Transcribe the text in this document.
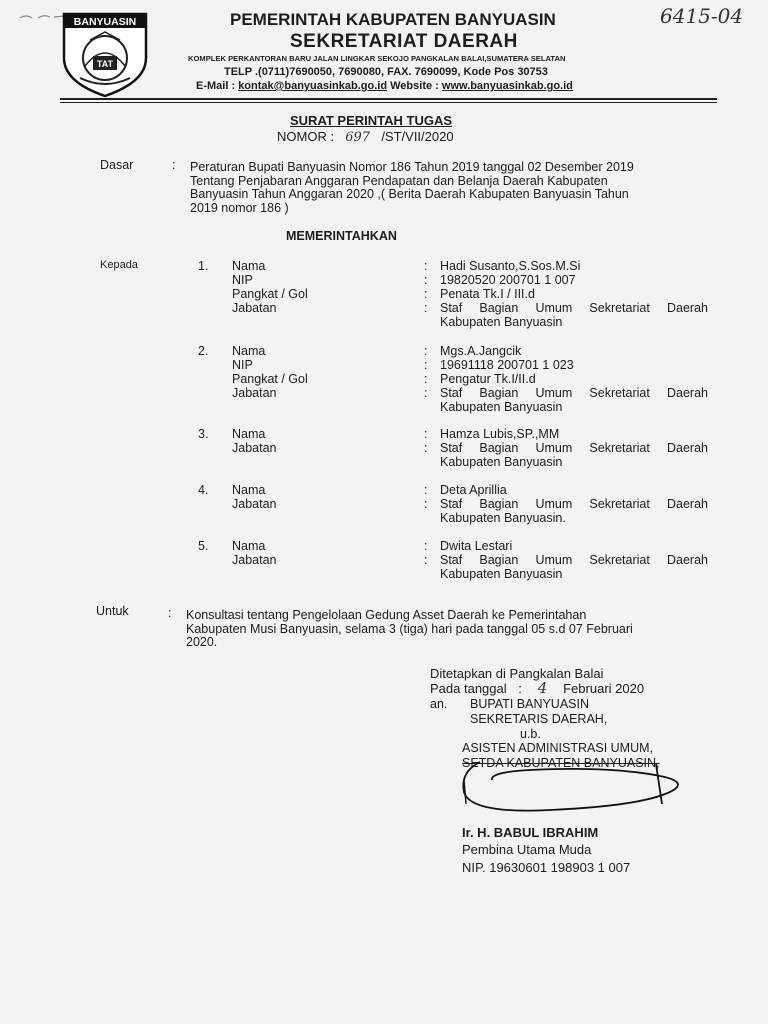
6415-04
BANYUASIN
TAT
PEMERINTAH KABUPATEN BANYUASIN
SEKRETARIAT DAERAH
KOMPLEK PERKANTORAN BARU JALAN LINGKAR SEKOJO PANGKALAN BALAI,SUMATERA SELATAN
TELP .(0711)7690050, 7690080, FAX. 7690099, Kode Pos 30753
E-Mail : kontak@banyuasinkab.go.id Website : www.banyuasinkab.go.id
SURAT PERINTAH TUGAS
NOMOR : 697 /ST/VII/2020
Dasar	: Peraturan Bupati Banyuasin Nomor 186 Tahun 2019 tanggal 02 Desember 2019
Tentang Penjabaran Anggaran Pendapatan dan Belanja Daerah Kabupaten
Banyuasin Tahun Anggaran 2020 ,( Berita Daerah Kabupaten Banyuasin Tahun
2019 nomor 186 )
MEMERINTAHKAN
Kepada	1. Nama	: Hadi Susanto,S.Sos.M.Si
NIP	: 19820520 200701 1 007
Pangkat / Gol	: Penata Tk.I / III.d
Jabatan	: Staf Bagian Umum Sekretariat Daerah
Kabupaten Banyuasin
2. Nama	: Mgs.A.Jangcik
NIP	: 19691118 200701 1 023
Pangkat / Gol	: Pengatur Tk.I/II.d
Jabatan	: Staf Bagian Umum Sekretariat Daerah
Kabupaten Banyuasin
3. Nama	: Hamza Lubis,SP.,MM
Jabatan	: Staf Bagian Umum Sekretariat Daerah
Kabupaten Banyuasin
4. Nama	: Deta Aprillia
Jabatan	: Staf Bagian Umum Sekretariat Daerah
Kabupaten Banyuasin.
5. Nama	: Dwita Lestari
Jabatan	: Staf Bagian Umum Sekretariat Daerah
Kabupaten Banyuasin
Untuk	: Konsultasi tentang Pengelolaan Gedung Asset Daerah ke Pemerintahan
Kabupaten Musi Banyuasin, selama 3 (tiga) hari pada tanggal 05 s.d 07 Februari
2020.
Ditetapkan di Pangkalan Balai
Pada tanggal : 4 Februari 2020
an. BUPATI BANYUASIN
SEKRETARIS DAERAH,
u.b.
ASISTEN ADMINISTRASI UMUM,
SETDA KABUPATEN BANYUASIN,
Ir. H. BABUL IBRAHIM
Pembina Utama Muda
NIP. 19630601 198903 1 007
